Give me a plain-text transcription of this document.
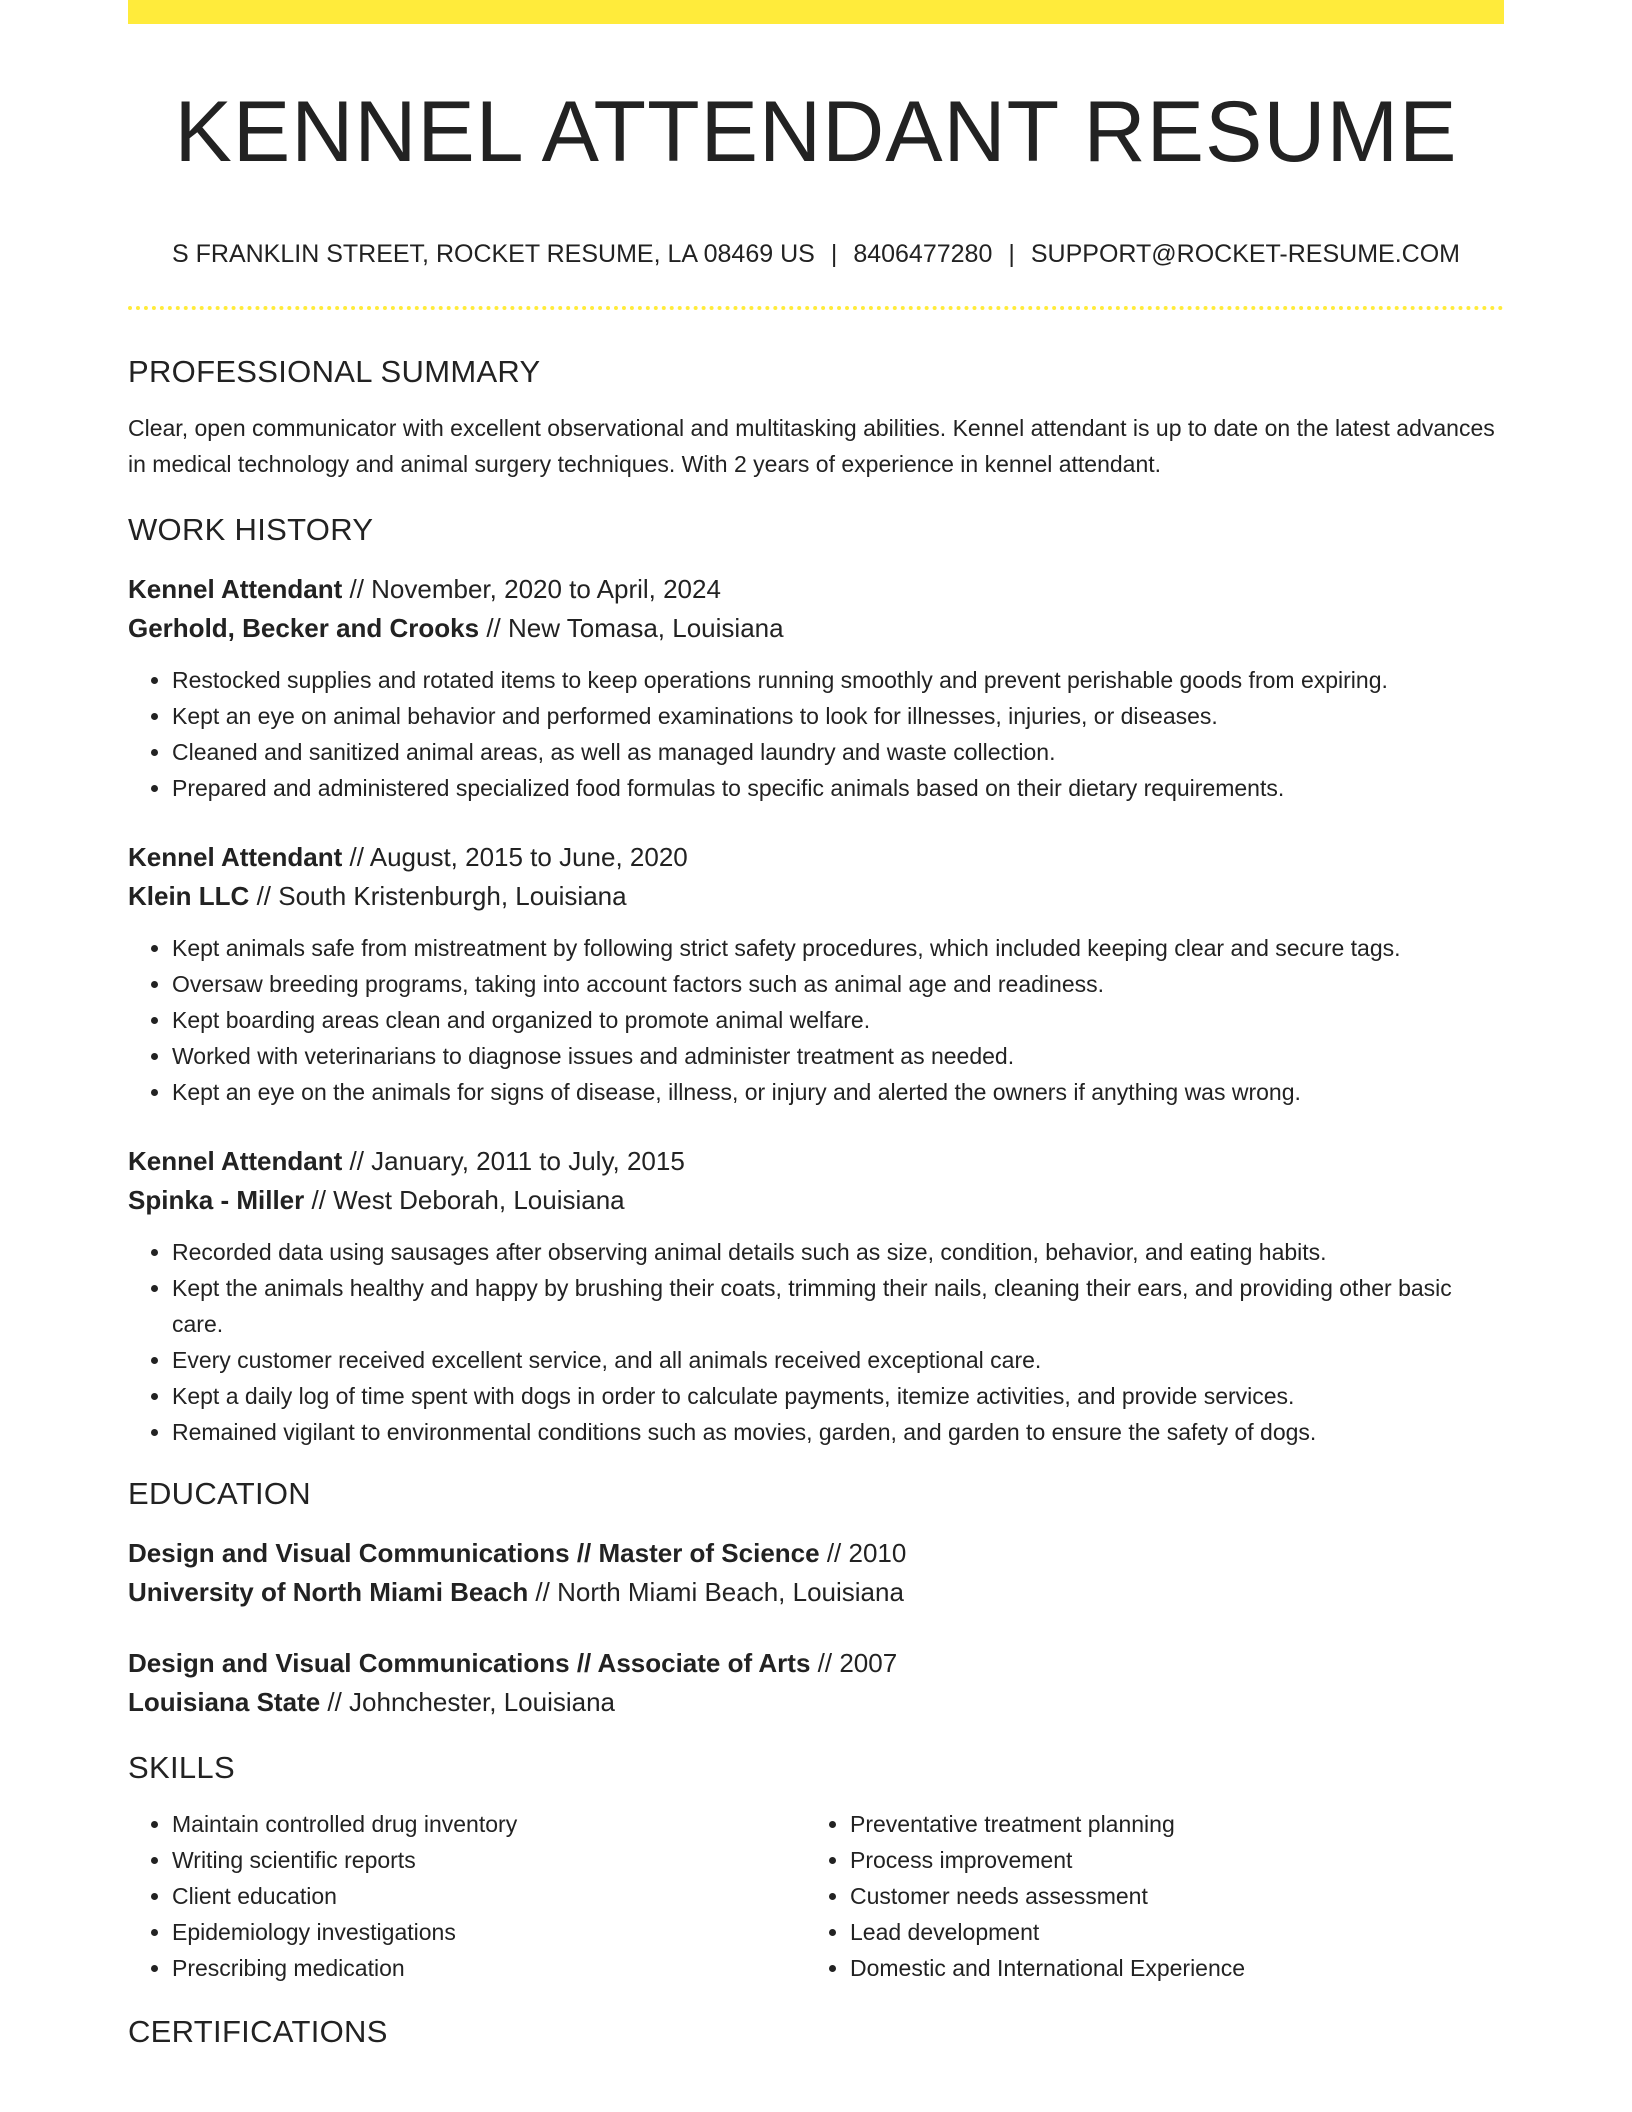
KENNEL ATTENDANT RESUME
S FRANKLIN STREET, ROCKET RESUME, LA 08469 US | 8406477280 | SUPPORT@ROCKET-RESUME.COM
PROFESSIONAL SUMMARY

Clear, open communicator with excellent observational and multitasking abilities. Kennel attendant is up to date on the latest advances in medical technology and animal surgery techniques. With 2 years of experience in kennel attendant.

WORK HISTORY

Kennel Attendant // November, 2020 to April, 2024

Gerhold, Becker and Crooks // New Tomasa, Louisiana

• Restocked supplies and rotated items to keep operations running smoothly and prevent perishable goods from expiring.
• Kept an eye on animal behavior and performed examinations to look for illnesses, injuries, or diseases.
• Cleaned and sanitized animal areas, as well as managed laundry and waste collection.
• Prepared and administered specialized food formulas to specific animals based on their dietary requirements.

Kennel Attendant // August, 2015 to June, 2020

Klein LLC // South Kristenburgh, Louisiana

• Kept animals safe from mistreatment by following strict safety procedures, which included keeping clear and secure tags.
• Oversaw breeding programs, taking into account factors such as animal age and readiness.
• Kept boarding areas clean and organized to promote animal welfare.
• Worked with veterinarians to diagnose issues and administer treatment as needed.
• Kept an eye on the animals for signs of disease, illness, or injury and alerted the owners if anything was wrong.

Kennel Attendant // January, 2011 to July, 2015

Spinka - Miller // West Deborah, Louisiana

• Recorded data using sausages after observing animal details such as size, condition, behavior, and eating habits.
• Kept the animals healthy and happy by brushing their coats, trimming their nails, cleaning their ears, and providing other basic care.
• Every customer received excellent service, and all animals received exceptional care.
• Kept a daily log of time spent with dogs in order to calculate payments, itemize activities, and provide services.
• Remained vigilant to environmental conditions such as movies, garden, and garden to ensure the safety of dogs.
EDUCATION

Design and Visual Communications // Master of Science // 2010

University of North Miami Beach // North Miami Beach, Louisiana

Design and Visual Communications // Associate of Arts // 2007

Louisiana State // Johnchester, Louisiana

SKILLS
• Maintain controlled drug inventory
• Writing scientific reports
• Client education
• Epidemiology investigations
• Prescribing medication
• Preventative treatment planning
• Process improvement
• Customer needs assessment
• Lead development
• Domestic and International Experience
CERTIFICATIONS
